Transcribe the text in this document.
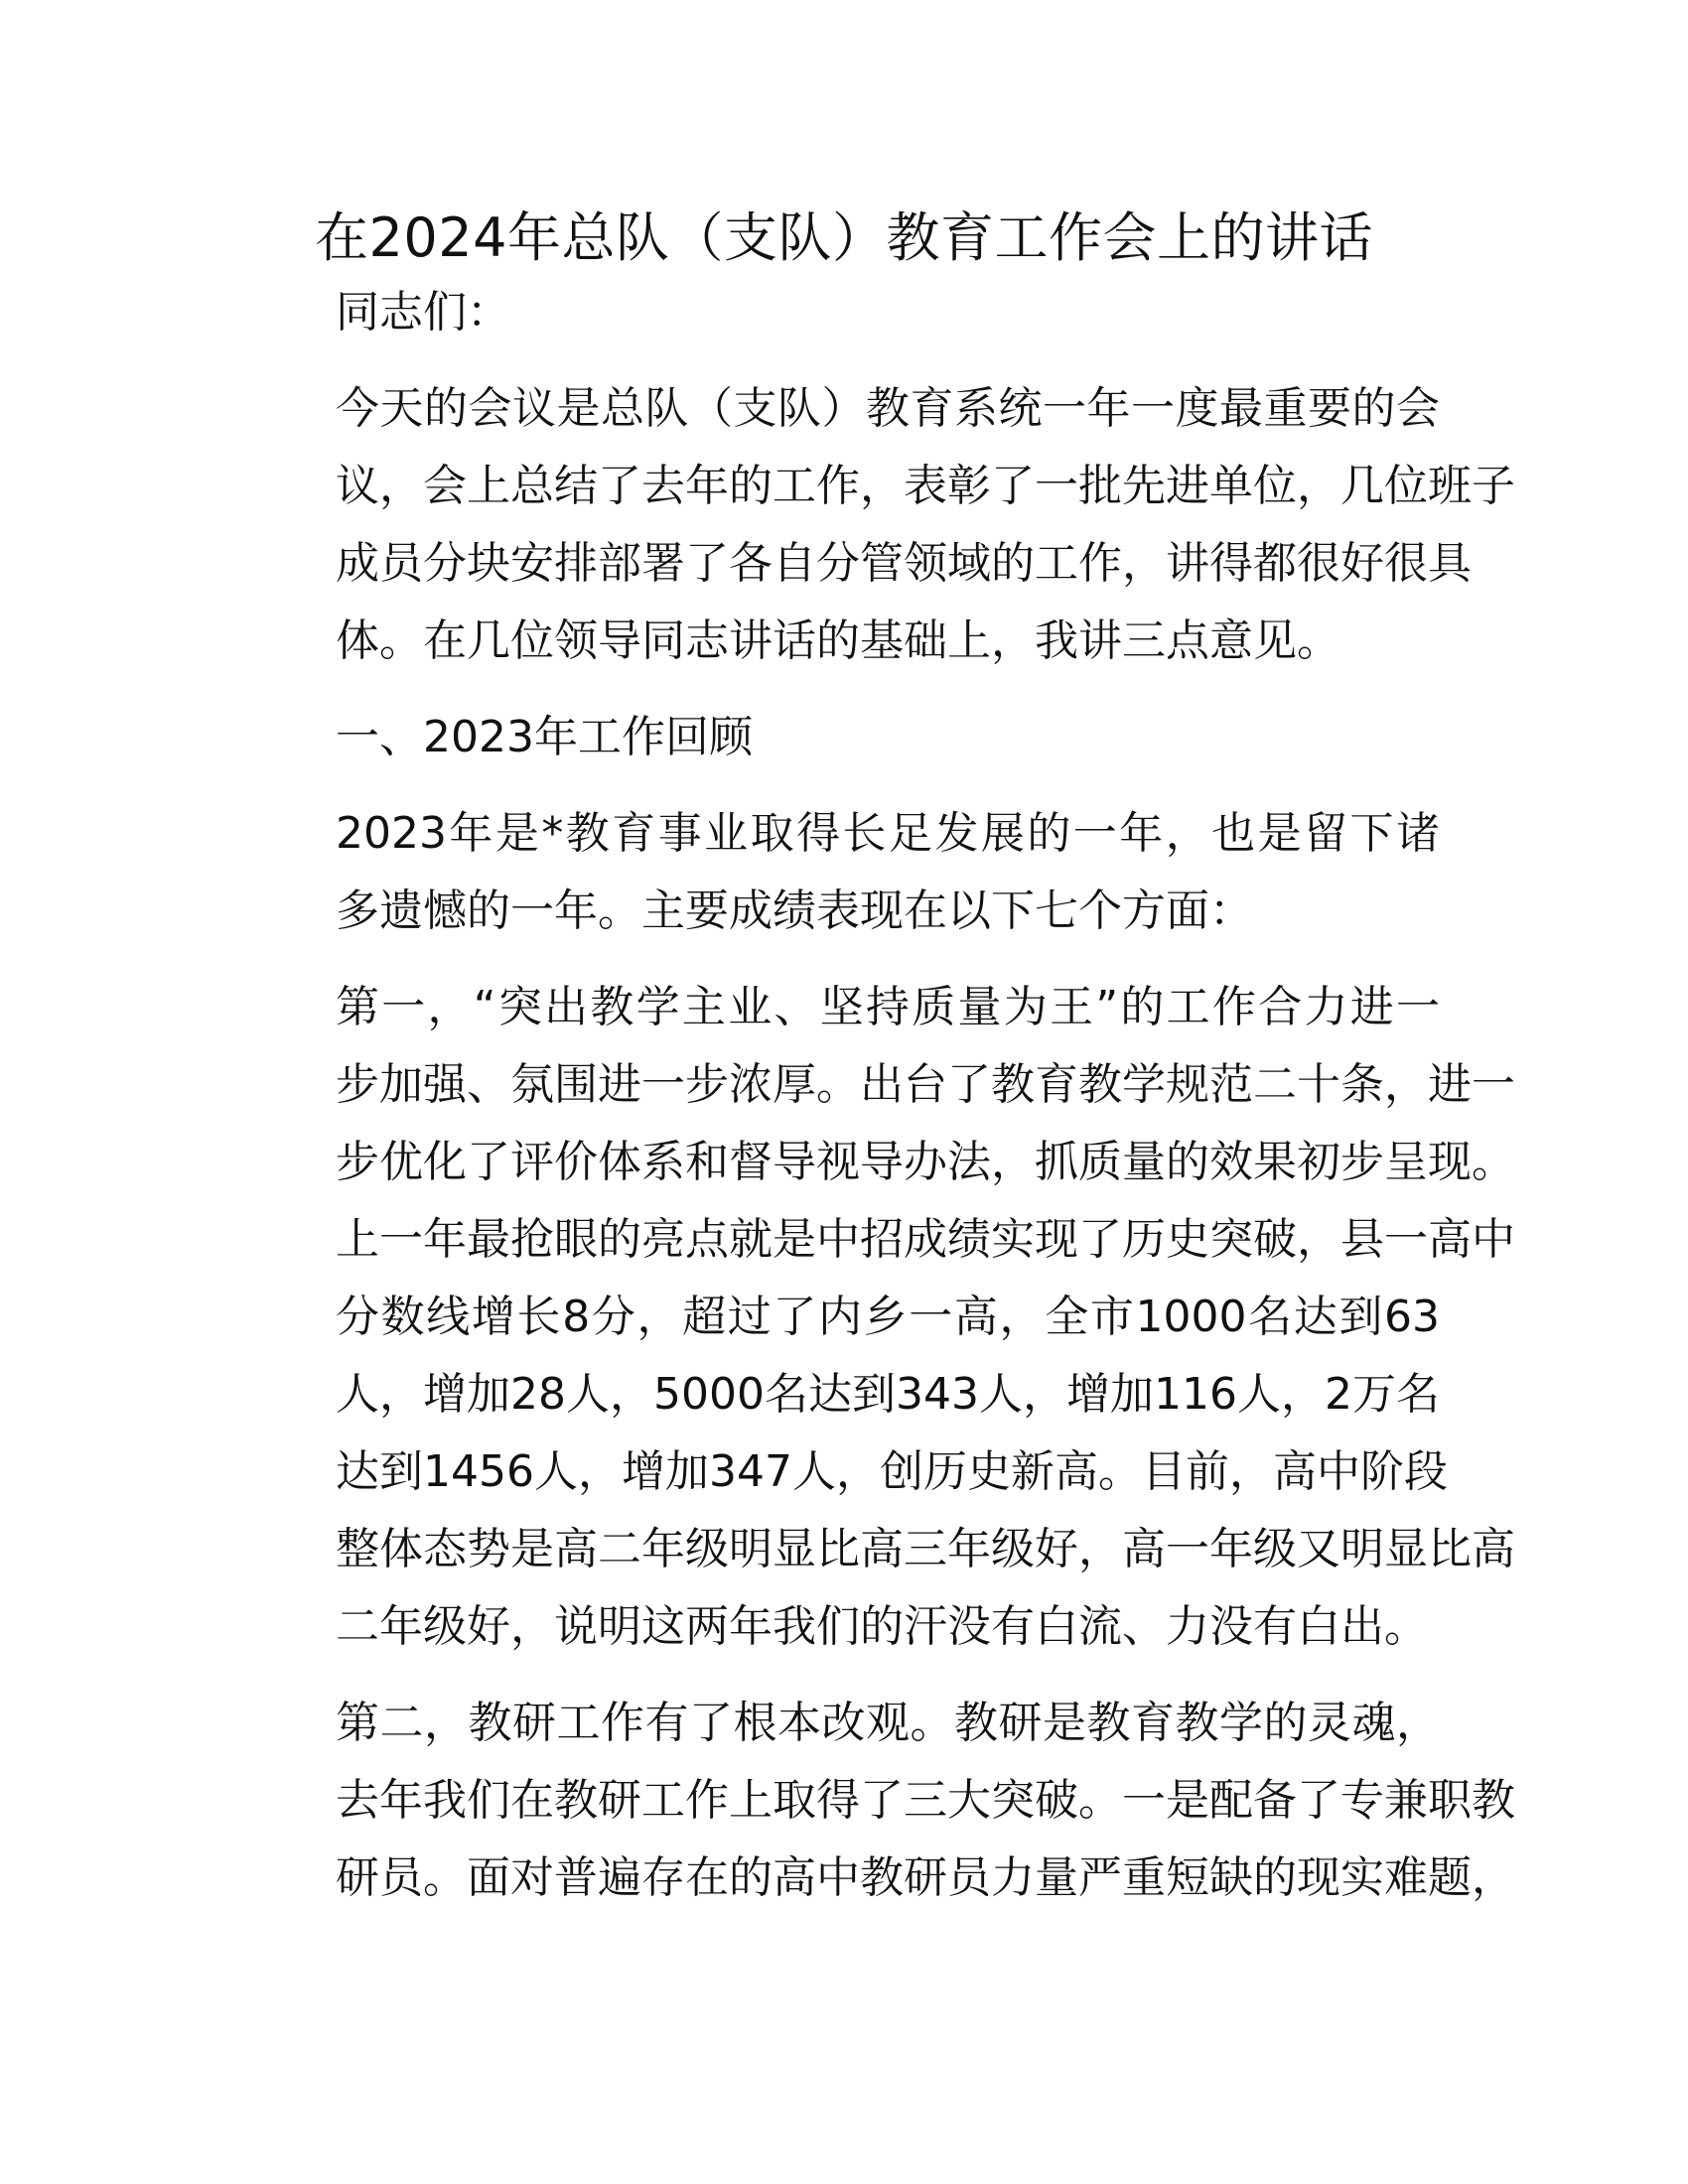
在2024年总队（支队）教育工作会上的讲话

同志们：

今天的会议是总队（支队）教育系统一年一度最重要的会
议，会上总结了去年的工作，表彰了一批先进单位，几位班子
成员分块安排部署了各自分管领域的工作，讲得都很好很具
体。在几位领导同志讲话的基础上，我讲三点意见。

一、2023年工作回顾

2023年是*教育事业取得长足发展的一年，也是留下诸
多遗憾的一年。主要成绩表现在以下七个方面：

第一，“突出教学主业、坚持质量为王”的工作合力进一
步加强、氛围进一步浓厚。出台了教育教学规范二十条，进一
步优化了评价体系和督导视导办法，抓质量的效果初步呈现。
上一年最抢眼的亮点就是中招成绩实现了历史突破，县一高中
分数线增长8分，超过了内乡一高，全市1000名达到63
人，增加28人，5000名达到343人，增加116人，2万名
达到1456人，增加347人，创历史新高。目前，高中阶段
整体态势是高二年级明显比高三年级好，高一年级又明显比高
二年级好，说明这两年我们的汗没有白流、力没有白出。

第二，教研工作有了根本改观。教研是教育教学的灵魂，
去年我们在教研工作上取得了三大突破。一是配备了专兼职教
研员。面对普遍存在的高中教研员力量严重短缺的现实难题，
